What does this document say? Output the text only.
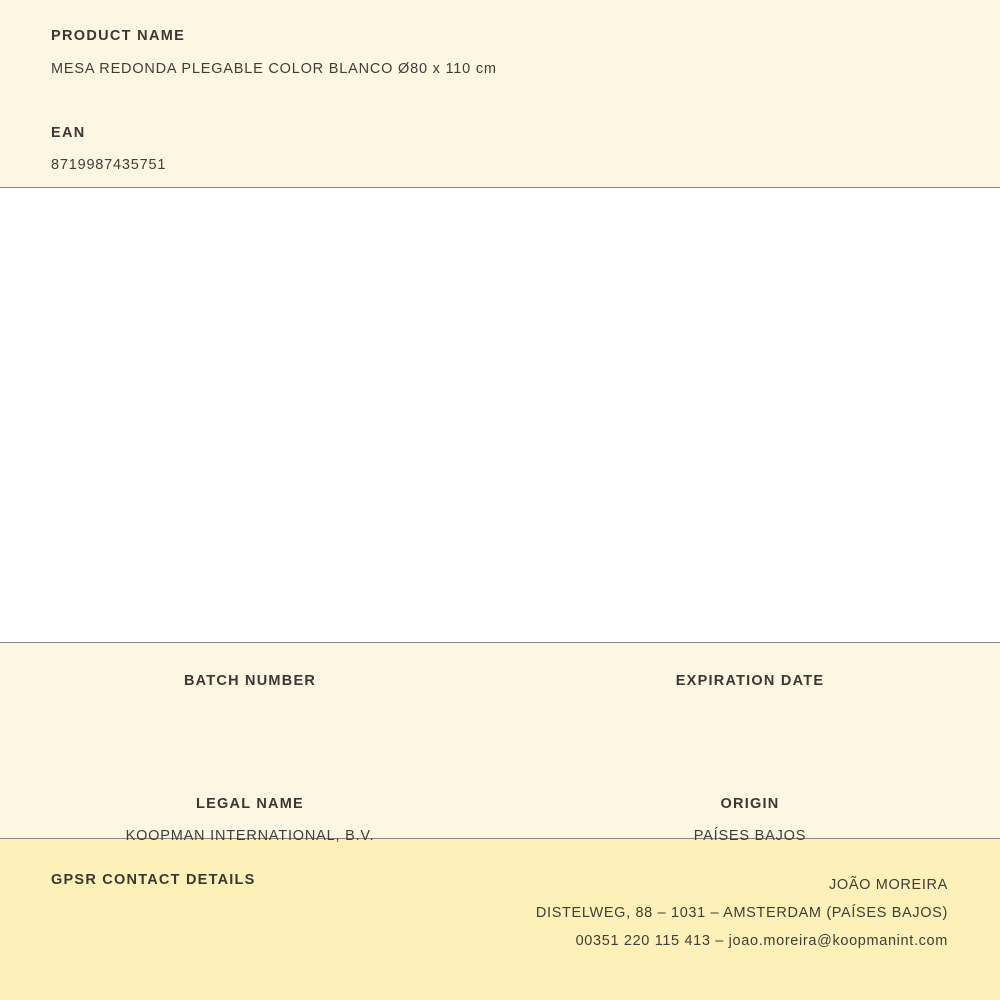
PRODUCT NAME
MESA REDONDA PLEGABLE COLOR BLANCO Ø80 x 110 cm
EAN
8719987435751
BATCH NUMBER	EXPIRATION DATE
LEGAL NAME
KOOPMAN INTERNATIONAL, B.V.
ORIGIN
PAÍSES BAJOS
GPSR CONTACT DETAILS	JOÃO MOREIRA
DISTELWEG, 88 – 1031 – AMSTERDAM (PAÍSES BAJOS)
00351 220 115 413 – joao.moreira@koopmanint.com
